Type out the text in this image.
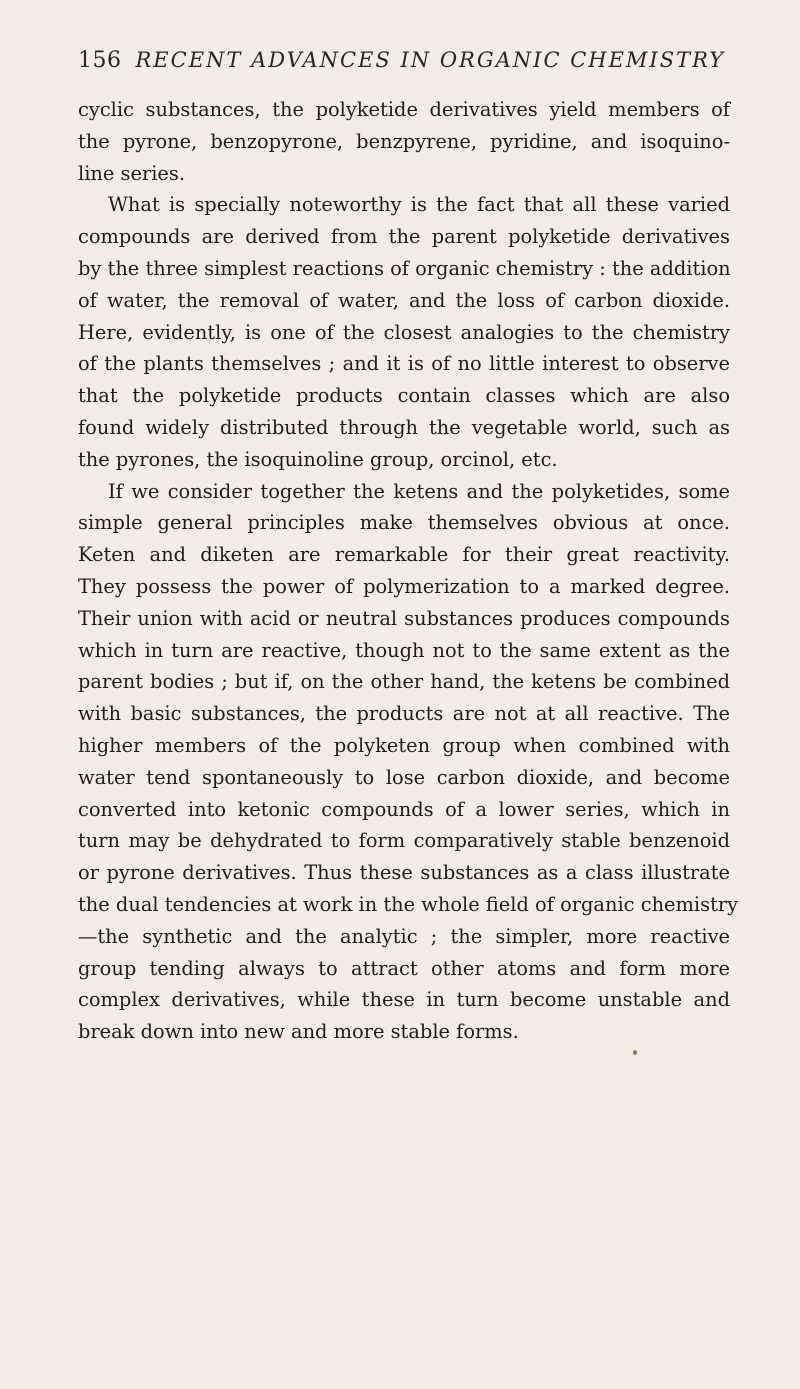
156 RECENT ADVANCES IN ORGANIC CHEMISTRY
cyclic substances, the polyketide derivatives yield members of
the pyrone, benzopyrone, benzpyrene, pyridine, and isoquino-
line series.
What is specially noteworthy is the fact that all these varied
compounds are derived from the parent polyketide derivatives
by the three simplest reactions of organic chemistry : the addition
of water, the removal of water, and the loss of carbon dioxide.
Here, evidently, is one of the closest analogies to the chemistry
of the plants themselves ; and it is of no little interest to observe
that the polyketide products contain classes which are also
found widely distributed through the vegetable world, such as
the pyrones, the isoquinoline group, orcinol, etc.
If we consider together the ketens and the polyketides, some
simple general principles make themselves obvious at once.
Keten and diketen are remarkable for their great reactivity.
They possess the power of polymerization to a marked degree.
Their union with acid or neutral substances produces compounds
which in turn are reactive, though not to the same extent as the
parent bodies ; but if, on the other hand, the ketens be combined
with basic substances, the products are not at all reactive. The
higher members of the polyketen group when combined with
water tend spontaneously to lose carbon dioxide, and become
converted into ketonic compounds of a lower series, which in
turn may be dehydrated to form comparatively stable benzenoid
or pyrone derivatives. Thus these substances as a class illustrate
the dual tendencies at work in the whole field of organic chemistry
—the synthetic and the analytic ; the simpler, more reactive
group tending always to attract other atoms and form more
complex derivatives, while these in turn become unstable and
break down into new and more stable forms.
